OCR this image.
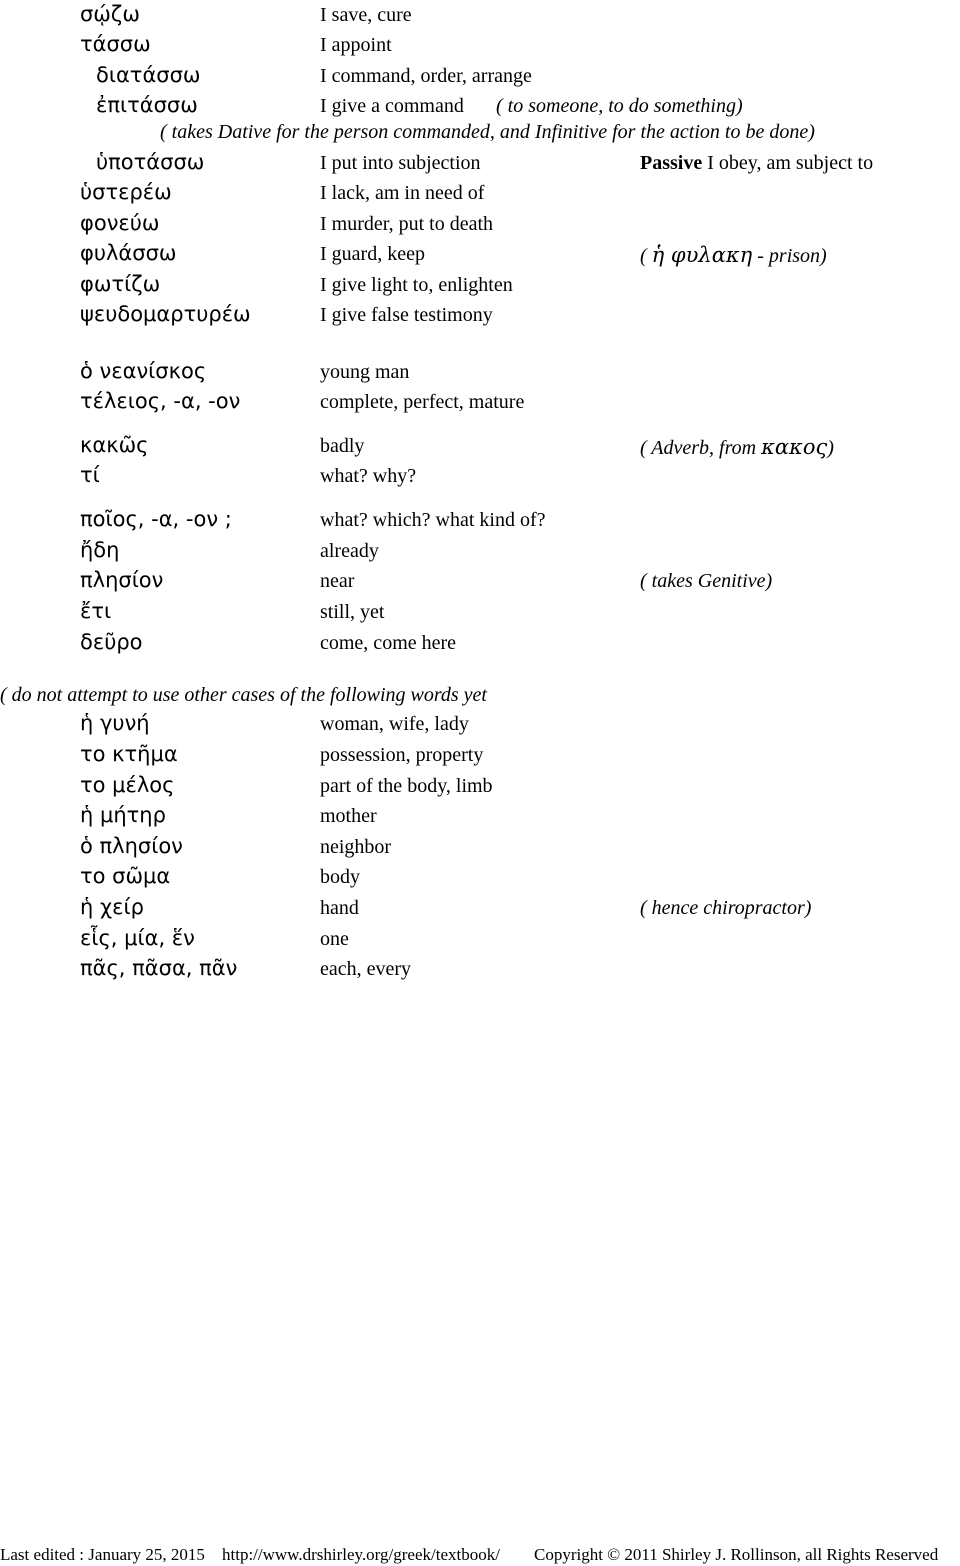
σῴζω	I save, cure
τάσσω	I appoint
διατάσσω	I command, order, arrange
ἐπιτάσσω	I give a command ( to someone, to do something)
( takes Dative for the person commanded, and Infinitive for the action to be done)
ὑποτάσσω	I put into subjection	Passive I obey, am subject to
ὑστερέω	I lack, am in need of
φονεύω	I murder, put to death
φυλάσσω	I guard, keep	( ἡ φυλακη - prison)
φωτίζω	I give light to, enlighten
ψευδομαρτυρέω	I give false testimony
ὁ νεανίσκος	young man
τέλειος, -α, -ον	complete, perfect, mature
κακῶς	badly	( Adverb, from κακος)
τί	what? why?
ποῖος, -α, -ον ;	what? which? what kind of?
ἤδη	already
πλησίον	near	( takes Genitive)
ἔτι	still, yet
δεῦρο	come, come here
( do not attempt to use other cases of the following words yet
ἡ γυνή	woman, wife, lady
το κτῆμα	possession, property
το μέλος	part of the body, limb
ἡ μήτηρ	mother
ὁ πλησίον	neighbor
το σῶμα	body
ἡ χείρ	hand	( hence chiropractor)
εἷς, μία, ἕν	one
πᾶς, πᾶσα, πᾶν	each, every
Last edited : January 25, 2015 http://www.drshirley.org/greek/textbook/ Copyright © 2011 Shirley J. Rollinson, all Rights Reserved
